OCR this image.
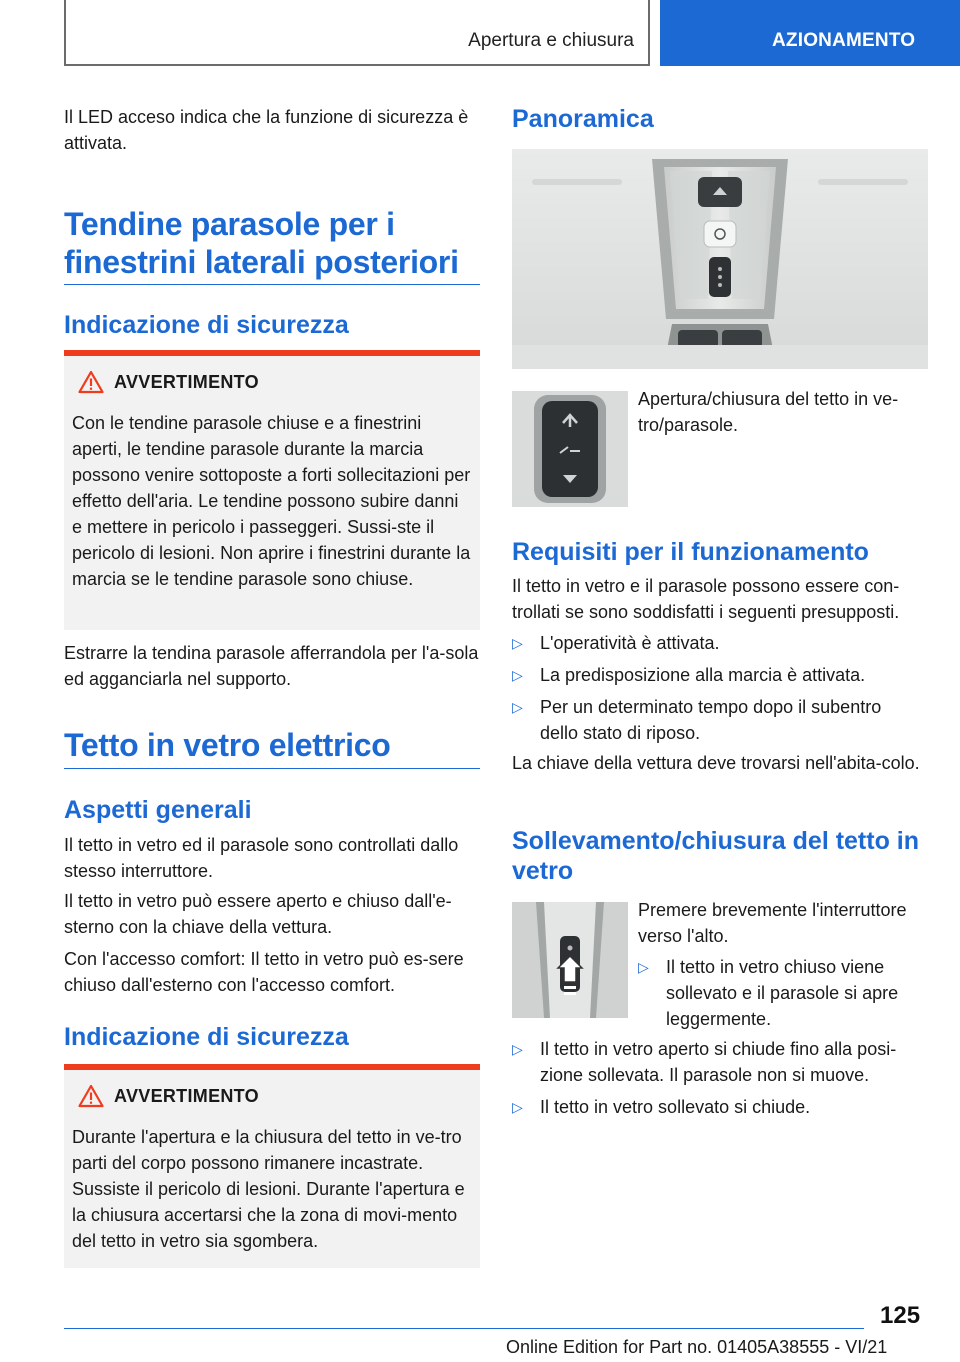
Apertura e chiusura	AZIONAMENTO
Il LED acceso indica che la funzione di sicurezza è attivata.
Tendine parasole per i finestrini laterali posteriori
Indicazione di sicurezza
AVVERTIMENTO
Con le tendine parasole chiuse e a finestrini aperti, le tendine parasole durante la marcia possono venire sottoposte a forti sollecitazioni per effetto dell'aria. Le tendine possono subire danni e mettere in pericolo i passeggeri. Sussi-ste il pericolo di lesioni. Non aprire i finestrini durante la marcia se le tendine parasole sono chiuse.
Estrarre la tendina parasole afferrandola per l'a-sola ed agganciarla nel supporto.
Tetto in vetro elettrico
Aspetti generali
Il tetto in vetro ed il parasole sono controllati dallo stesso interruttore.
Il tetto in vetro può essere aperto e chiuso dall'e-sterno con la chiave della vettura.
Con l'accesso comfort: Il tetto in vetro può es-sere chiuso dall'esterno con l'accesso comfort.
Indicazione di sicurezza
AVVERTIMENTO
Durante l'apertura e la chiusura del tetto in ve-tro parti del corpo possono rimanere incastrate. Sussiste il pericolo di lesioni. Durante l'apertura e la chiusura accertarsi che la zona di movi-mento del tetto in vetro sia sgombera.
Panoramica
Apertura/chiusura del tetto in ve-tro/parasole.
Requisiti per il funzionamento
Il tetto in vetro e il parasole possono essere con-trollati se sono soddisfatti i seguenti presupposti.
▷ L'operatività è attivata.
▷ La predisposizione alla marcia è attivata.
▷ Per un determinato tempo dopo il subentro dello stato di riposo.
La chiave della vettura deve trovarsi nell'abita-colo.
Sollevamento/chiusura del tetto in vetro
Premere brevemente l'interruttore verso l'alto.
▷ Il tetto in vetro chiuso viene sollevato e il parasole si apre leggermente.
▷ Il tetto in vetro aperto si chiude fino alla posi-zione sollevata. Il parasole non si muove.
▷ Il tetto in vetro sollevato si chiude.
125
Online Edition for Part no. 01405A38555 - VI/21
